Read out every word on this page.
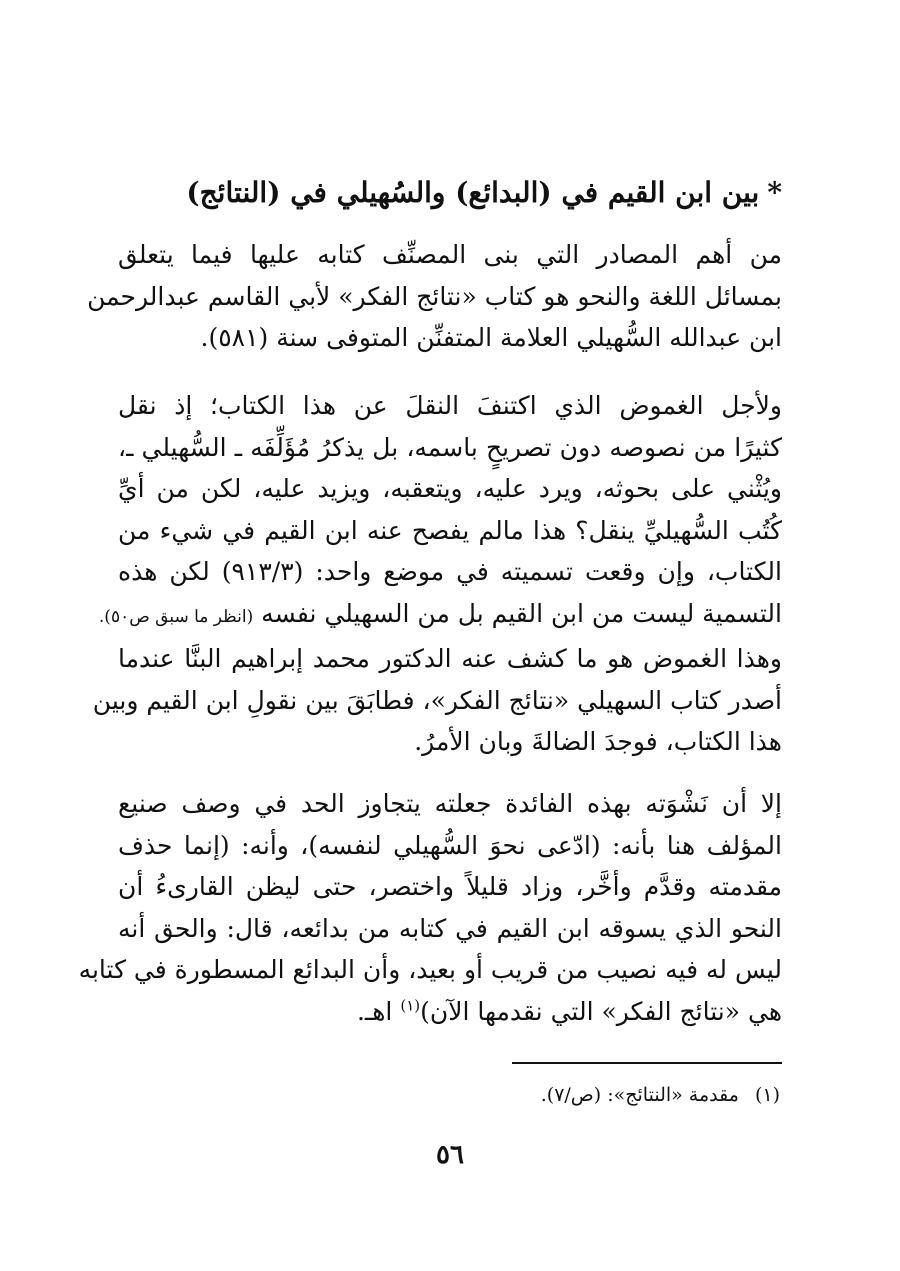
*بين ابن القيم في (البدائع) والسُهيلي في (النتائج)

من أهم المصادر التي بنى المصنِّف كتابه عليها فيما يتعلق
بمسائل اللغة والنحو هو كتاب «نتائج الفكر» لأبي القاسم عبدالرحمن
ابن عبدالله السُّهيلي العلامة المتفنِّن المتوفى سنة (٥٨١).

ولأجل الغموض الذي اكتنفَ النقلَ عن هذا الكتاب؛ إذ نقل
كثيرًا من نصوصه دون تصريحٍ باسمه، بل يذكرُ مُؤَلِّفَه ـ السُّهيلي ـ،
ويُثْني على بحوثه، ويرد عليه، ويتعقبه، ويزيد عليه، لكن من أيِّ
كُتُب السُّهيليِّ ينقل؟ هذا مالم يفصح عنه ابن القيم في شيء من
الكتاب، وإن وقعت تسميته في موضع واحد: (٩١٣/٣) لكن هذه
التسمية ليست من ابن القيم بل من السهيلي نفسه (انظر ما سبق ص٥٠).
وهذا الغموض هو ما كشف عنه الدكتور محمد إبراهيم البنَّا عندما
أصدر كتاب السهيلي «نتائج الفكر»، فطابَقَ بين نقولِ ابن القيم وبين
هذا الكتاب، فوجدَ الضالةَ وبان الأمرُ.

إلا أن نَشْوَته بهذه الفائدة جعلته يتجاوز الحد في وصف صنيع
المؤلف هنا بأنه: (ادّعى نحوَ السُّهيلي لنفسه)، وأنه: (إنما حذف
مقدمته وقدَّم وأخَّر، وزاد قليلاً واختصر، حتى ليظن القارىءُ أن
النحو الذي يسوقه ابن القيم في كتابه من بدائعه، قال: والحق أنه
ليس له فيه نصيب من قريب أو بعيد، وأن البدائع المسطورة في كتابه
هي «نتائج الفكر» التي نقدمها الآن)$^{(١)}$ اهـ.

(١)مقدمة «النتائج»: (ص/٧).
٥٦
